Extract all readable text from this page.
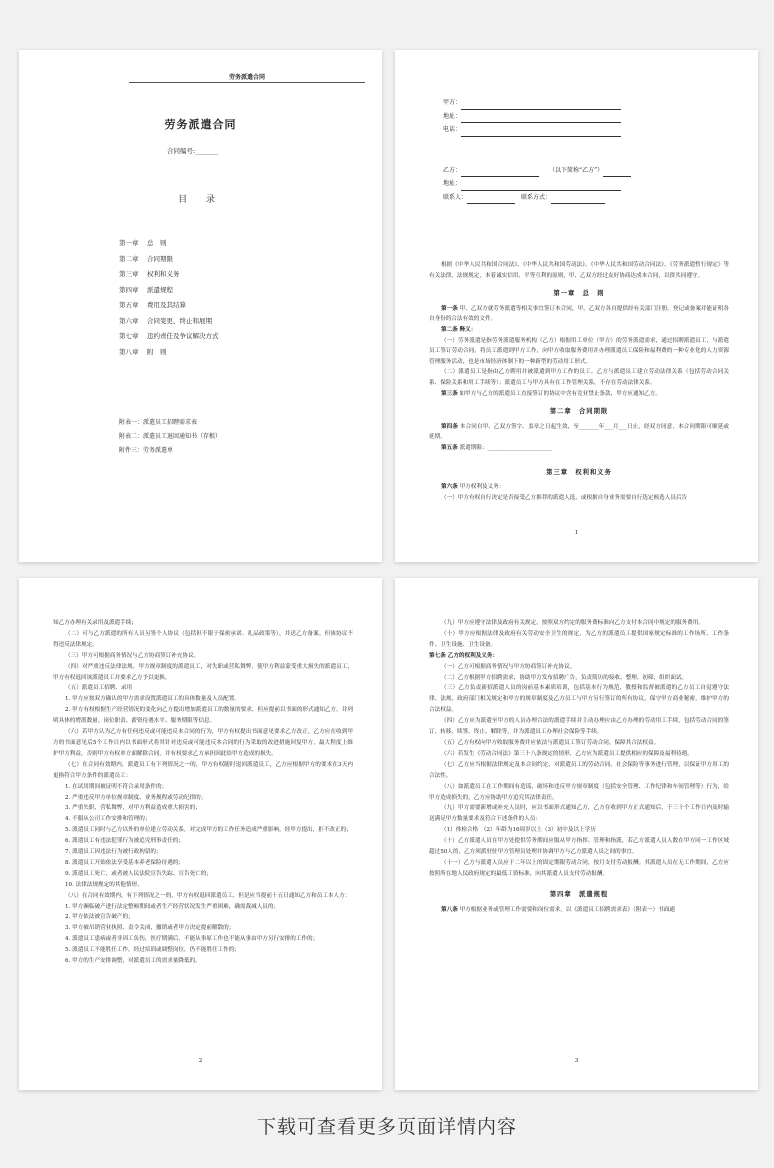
劳务派遣合同
劳务派遣合同
合同编号:_______
目 录
第一章	总　则
第二章	合同期限
第三章	权利和义务
第四章	派遣规程
第五章	费用及其结算
第六章	合同变更、终止和展期
第七章	违约责任及争议解决方式
第八章	附　则
附表一： 派遣员工招聘需求表
附表二： 派遣员工退回通知书（存根）
附件三： 劳务派遣单
甲方：
地址：
电话：
乙方：	（以下简称“乙方”）
地址：
联系人：	联系方式：

根据《中华人民共和国合同法》、《中华人民共和国劳动法》、《中华人民共和国劳动合同法》、《劳务派遣暂行规定》等有关法律、法规规定，本着诚实信用、平等互利的原则，甲、乙双方经过友好协商达成本合同，以资共同遵守。

第一章　总　则

第一条 甲、乙双方就劳务派遣等相关事宜签订本合同，甲、乙双方各自提供经有关部门注册、登记或备案并能证明各自身份的合法有效的文件。

第二条 释义：

（一）劳务派遣是指劳务派遣服务机构（乙方）根据用工单位（甲方）的劳务派遣需求，通过招聘派遣员工，与派遣员工签订劳动合同，将员工派遣到甲方工作，向甲方收取服务费用并办理派遣员工保险和福利费的一种专业化的人力资源管理服务活动，也是市场经济体制下的一种新型的劳动用工形式。

（二）派遣员工是指由乙方聘用并被派遣到甲方工作的员工。乙方与派遣员工建立劳动法律关系（包括劳动合同关系、保险关系和用工手续等）；派遣员工与甲方具有在工作管理关系，不存在劳动法律关系。

第三条 如甲方与乙方的派遣员工直接签订的协议中含有竞业禁止条款，甲方应通知乙方。

第二章　合同期限

第四条 本合同自甲、乙双方签字、盖章之日起生效，至_______年___月___日止，经双方同意，本合同期限可顺延或延期。

第五条 派遣期限：_______________________

第三章　权利和义务

第六条 甲方权利及义务：

（一）甲方有权自行决定是否接受乙方推荐的派遣人选，或根据自身业务需要自行选定候选人员后告

1

知乙方办理有关录用及派遣手续；

（二）可与乙方派遣的所有人员另签个人协议（包括但不限于保密承诺、礼品政策等），并送乙方备案。但该协议不得违反法律规定。

（三）甲方可根据商务情况与乙方协商签订补充协议。

（四）对严重违反法律法规、甲方规章制度的派遣员工，对失职或营私舞弊，使甲方利益蒙受重大损失的派遣员工，甲方有权退回该派遣员工并要求乙方予以更换。

（五）派遣员工招聘、录用

1. 甲方应按双方确认的甲方需求设置派遣员工的具体数量及人员配置。

2. 甲方有权根据生产经营情况的变化向乙方提出增加派遣员工的数量的要求，但应提前以书面的形式通知乙方，并列明具体的增派数量、岗位职责、薪资待遇水平、服务期限等信息。

（六）若甲方认为乙方有任何违反或可能违反本合同的行为，甲方有权提出书面意见要求乙方改正。乙方应在收到甲方的书面意见后5个工作日内以书面形式将其针对违反或可能违反本合同的行为采取的改进措施回复甲方，最大程度上维护甲方利益，否则甲方有权单方面解除合同，并有权要求乙方承担因此给甲方造成的损失。

（七）在合同有效期内，派遣员工有下列情况之一的，甲方有权随时退回派遣员工，乙方应根据甲方的要求在3天内更换符合甲方条件的派遣员工：

1. 在试用期间被证明不符合录用条件的；

2. 严重违反甲方单位规章制度、业务规程或劳动纪律的；

3. 严重失职，营私舞弊，对甲方利益造成重大损害的；

4. 不服从公司工作安排和管理的；

5. 派遣员工同时与乙方以外的单位建立劳动关系，对完成甲方的工作任务造成严重影响，经甲方提出，拒不改正的；

6. 派遣员工有违法犯罪行为被追究刑事责任的；

7. 派遣员工因违法行为被行政拘留的；

8. 派遣员工开始依法享受基本养老保险待遇的；

9. 派遣员工死亡，或者被人民法院宣告失踪、宣告死亡的；

10. 法律法规规定的其他情形。

（八）在合同有效期内，有下列情况之一的，甲方有权退回派遣员工，但是应当提前十五日通知乙方和员工本人方：

1. 甲方濒临破产进行法定整顿期间或者生产经营状况发生严重困难，确需裁减人员的；

2. 甲方依法被宣告破产的；

3. 甲方被吊销营业执照、责令关闭、撤销或者甲方决定提前解散的；

4. 派遣员工患病或者非因工负伤，医疗期满后，不能从事原工作也不能从事由甲方另行安排的工作的；

5. 派遣员工不能胜任工作，经过培训或调整岗位，仍不能胜任工作的；

6. 甲方的生产安排调整，对派遣员工的需求量降低的。

2

（九）甲方应遵守法律及政府有关规定，按照双方约定的服务费标准向乙方支付本合同中规定的服务费用。

（十）甲方应根据法律及政府有关劳动安全卫生的规定，为乙方的派遣员工提供国家规定标准的工作场所、工作条件、卫生设施、卫生设备。

第七条 乙方的权利及义务：

（一）乙方可根据商务情况与甲方协商签订补充协议。

（二）乙方根据甲方招聘需求，协助甲方发布招聘广告，负责简历的接收、整理、初筛，组织面试。

（三）乙方负责新招派遣人员的岗前基本素质培训，包括基本行为规范，教授和监督被派遣的乙方员工自觉遵守法律、法规、政府部门相关规定和甲方的规章制度及乙方员工与甲方另行签订的所有协议，保守甲方商业秘密，维护甲方的合法权益。

（四）乙方应为派遣至甲方的人员办理合法的派遣手续并主动办理应由乙方办理的劳动用工手续，包括劳动合同的签订、转移、续签、终止、解除等，并为派遣员工办理社会保险等手续。

（五）乙方有权向甲方收取服务费并应依法与派遣员工签订劳动合同，保障其合法权益。

（六）若发生《劳动合同法》第三十八条规定的情形，乙方应为派遣员工提供相应的保障及福利待遇。

（七）乙方应当根据法律规定及本合同约定，对派遣员工的劳动合同、社会保险等事务进行管理，以保证甲方用工的合法性。

（八）如派遣员工在工作期间有造谣、破坏和违反甲方规章制度（包括安全管理、工作纪律和车间管理等）行为，给甲方造成损失的，乙方应协助甲方追究其法律责任。

（九）甲方需要新增或补充人员时，应以书面形式通知乙方，乙方在收到甲方正式通知后，于三十个工作日内及时输送满足甲方数量要求及符合下述条件的人员：

（1）体检合格　（2）年龄为16周岁以上（3）初中及以上学历

（十）乙方派遣人员在甲方处提供劳务期间应服从甲方指挥、管理和指派，若乙方派遣人员人数在甲方同一工作区域超过50人的，乙方须派驻驻甲方管理员处理并协调甲方与乙方派遣人员之间的事宜。

（十一）乙方与派遣人员应于二年以上的固定期限劳动合同，按月支付劳动报酬。其派遣人员在无工作期间，乙方应按照所在地人民政府规定的最低工资标准，向其派遣人员支付劳动报酬。

第四章　派遣规程

第八条 甲方根据业务或管理工作需要和岗位需求，以《派遣员工招聘需求表》（附表一）书面通

3
下载可查看更多页面详情内容
